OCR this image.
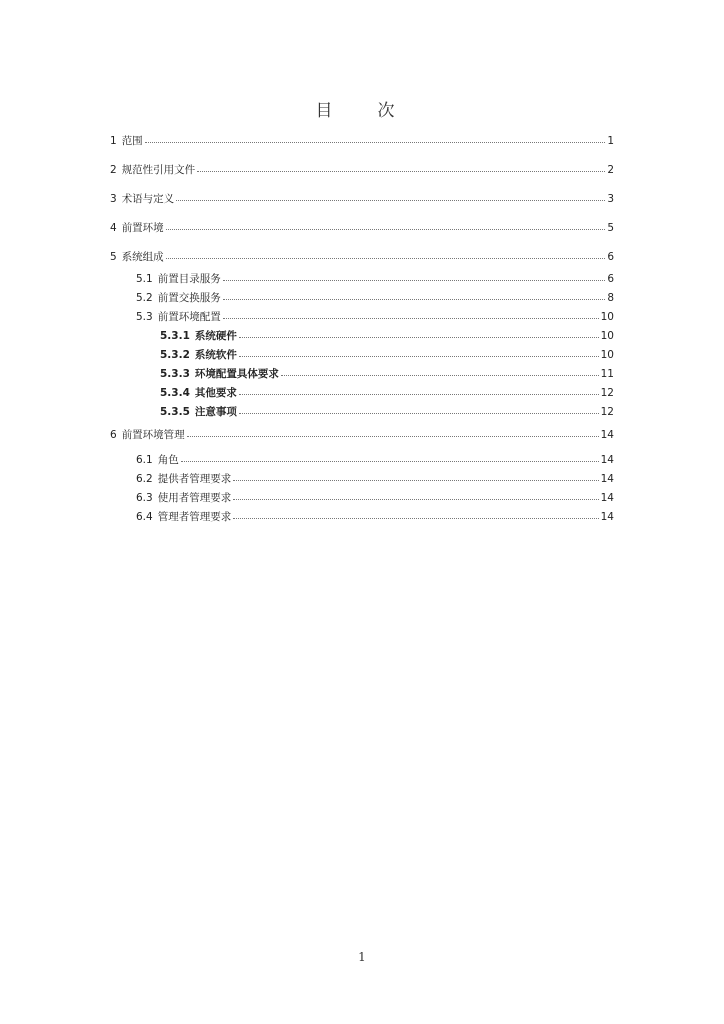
目　次
1 范围	1
2 规范性引用文件	2
3 术语与定义	3
4 前置环境	5
5 系统组成	6
5.1 前置目录服务	6
5.2 前置交换服务	8
5.3 前置环境配置	10
5.3.1 系统硬件	10
5.3.2 系统软件	10
5.3.3 环境配置具体要求	11
5.3.4 其他要求	12
5.3.5 注意事项	12
6 前置环境管理	14
6.1 角色	14
6.2 提供者管理要求	14
6.3 使用者管理要求	14
6.4 管理者管理要求	14
1
